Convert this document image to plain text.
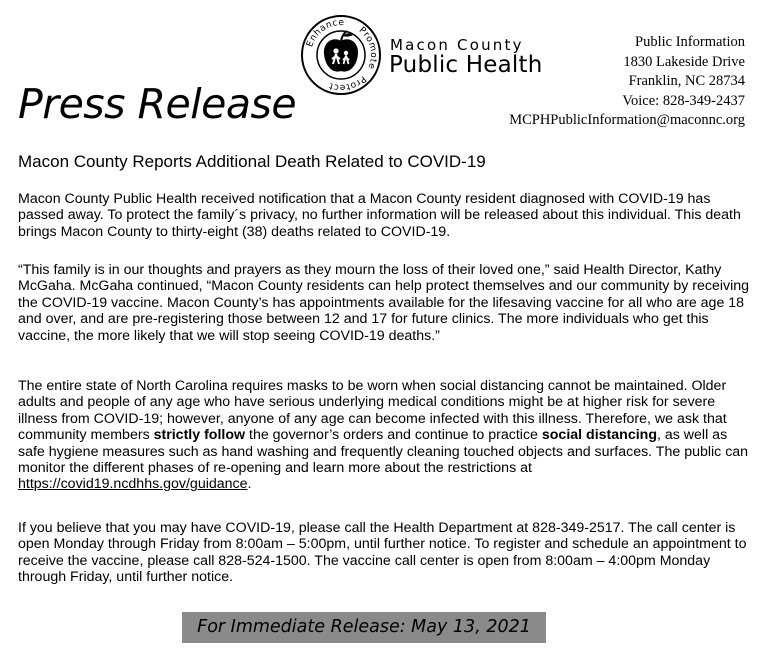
Protect
Enhance
Promote
Macon County
Public Health
Public Information
1830 Lakeside Drive
Franklin, NC 28734
Voice: 828-349-2437
MCPHPublicInformation@maconnc.org
Press Release
Macon County Reports Additional Death Related to COVID-19

Macon County Public Health received notification that a Macon County resident diagnosed with COVID-19 has passed away. To protect the family´s privacy, no further information will be released about this individual. This death brings Macon County to thirty-eight (38) deaths related to COVID-19.

“This family is in our thoughts and prayers as they mourn the loss of their loved one,” said Health Director, Kathy McGaha. McGaha continued, “Macon County residents can help protect themselves and our community by receiving the COVID-19 vaccine. Macon County’s has appointments available for the lifesaving vaccine for all who are age 18 and over, and are pre-registering those between 12 and 17 for future clinics. The more individuals who get this vaccine, the more likely that we will stop seeing COVID-19 deaths.”

The entire state of North Carolina requires masks to be worn when social distancing cannot be maintained. Older adults and people of any age who have serious underlying medical conditions might be at higher risk for severe illness from COVID-19; however, anyone of any age can become infected with this illness. Therefore, we ask that community members strictly follow the governor’s orders and continue to practice social distancing, as well as safe hygiene measures such as hand washing and frequently cleaning touched objects and surfaces. The public can monitor the different phases of re-opening and learn more about the restrictions at https://covid19.ncdhhs.gov/guidance.

If you believe that you may have COVID-19, please call the Health Department at 828-349-2517. The call center is open Monday through Friday from 8:00am – 5:00pm, until further notice. To register and schedule an appointment to receive the vaccine, please call 828-524-1500. The vaccine call center is open from 8:00am – 4:00pm Monday through Friday, until further notice.

For Immediate Release: May 13, 2021
